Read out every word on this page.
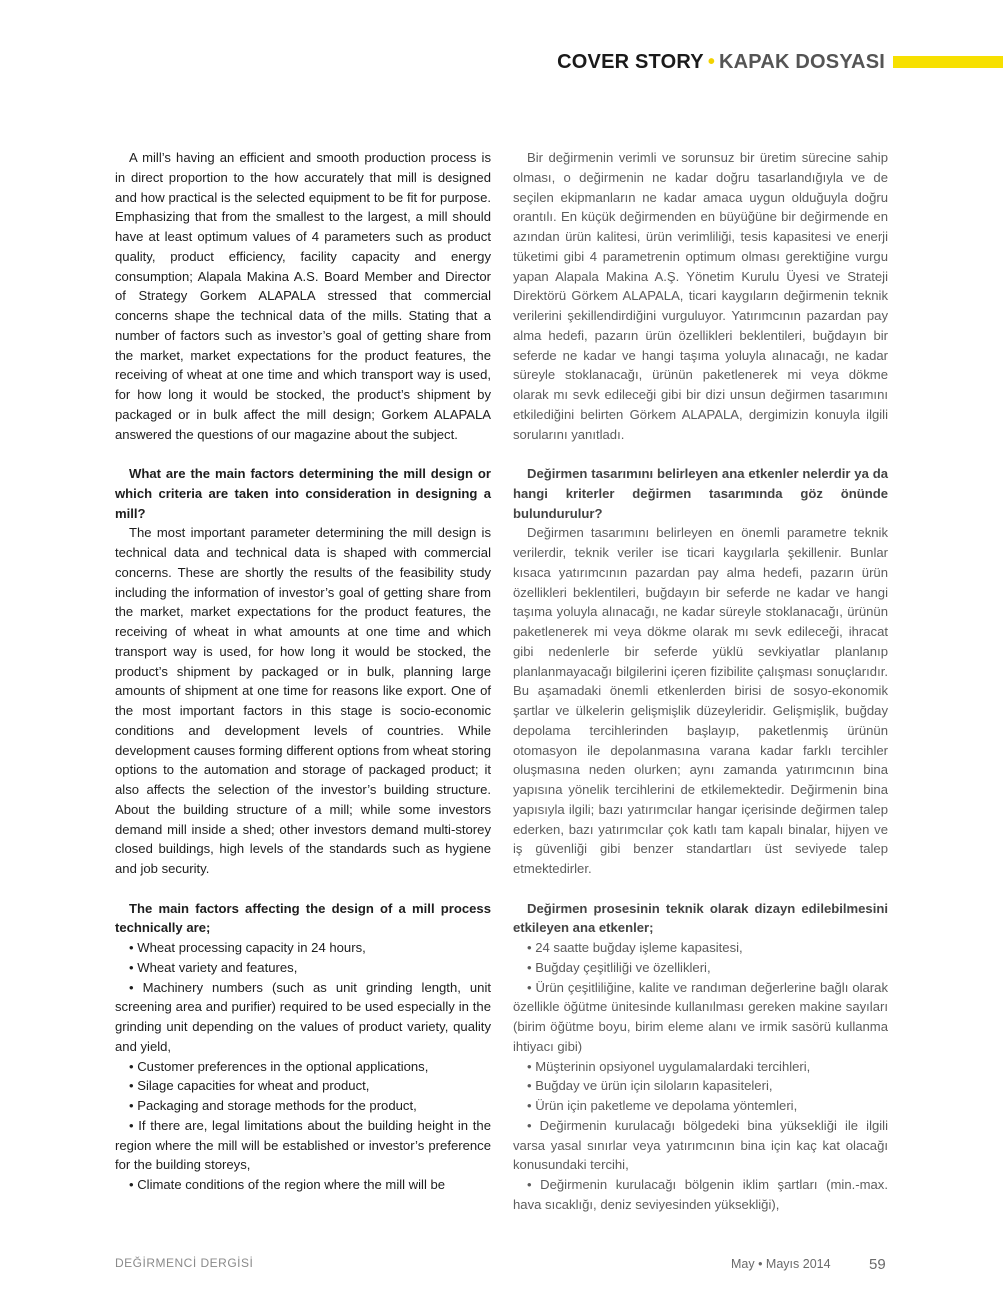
COVER STORY • KAPAK DOSYASI

A mill’s having an efficient and smooth production process is in direct proportion to the how accurately that mill is designed and how practical is the selected equipment to be fit for purpose. Emphasizing that from the smallest to the largest, a mill should have at least optimum values of 4 parameters such as product quality, product efficiency, facility capacity and energy consumption; Alapala Makina A.S. Board Member and Director of Strategy Gorkem ALAPALA stressed that commercial concerns shape the technical data of the mills. Stating that a number of factors such as investor’s goal of getting share from the market, market expectations for the product features, the receiving of wheat at one time and which transport way is used, for how long it would be stocked, the product’s shipment by packaged or in bulk affect the mill design; Gorkem ALAPALA answered the questions of our magazine about the subject.

What are the main factors determining the mill design or which criteria are taken into consideration in designing a mill?

The most important parameter determining the mill design is technical data and technical data is shaped with commercial concerns. These are shortly the results of the feasibility study including the information of investor’s goal of getting share from the market, market expectations for the product features, the receiving of wheat in what amounts at one time and which transport way is used, for how long it would be stocked, the product’s shipment by packaged or in bulk, planning large amounts of shipment at one time for reasons like export. One of the most important factors in this stage is socio-economic conditions and development levels of countries. While development causes forming different options from wheat storing options to the automation and storage of packaged product; it also affects the selection of the investor’s building structure. About the building structure of a mill; while some investors demand mill inside a shed; other investors demand multi-storey closed buildings, high levels of the standards such as hygiene and job security.

The main factors affecting the design of a mill process technically are;

• Wheat processing capacity in 24 hours,

• Wheat variety and features,

• Machinery numbers (such as unit grinding length, unit screening area and purifier) required to be used especially in the grinding unit depending on the values of product variety, quality and yield,

• Customer preferences in the optional applications,

• Silage capacities for wheat and product,

• Packaging and storage methods for the product,

• If there are, legal limitations about the building height in the region where the mill will be established or investor’s preference for the building storeys,

• Climate conditions of the region where the mill will be

Bir değirmenin verimli ve sorunsuz bir üretim sürecine sahip olması, o değirmenin ne kadar doğru tasarlandığıyla ve de seçilen ekipmanların ne kadar amaca uygun olduğuyla doğru orantılı. En küçük değirmenden en büyüğüne bir değirmende en azından ürün kalitesi, ürün verimliliği, tesis kapasitesi ve enerji tüketimi gibi 4 parametrenin optimum olması gerektiğine vurgu yapan Alapala Makina A.Ş. Yönetim Kurulu Üyesi ve Strateji Direktörü Görkem ALAPALA, ticari kaygıların değirmenin teknik verilerini şekillendirdiğini vurguluyor. Yatırımcının pazardan pay alma hedefi, pazarın ürün özellikleri beklentileri, buğdayın bir seferde ne kadar ve hangi taşıma yoluyla alınacağı, ne kadar süreyle stoklanacağı, ürünün paketlenerek mi veya dökme olarak mı sevk edileceği gibi bir dizi unsun değirmen tasarımını etkilediğini belirten Görkem ALAPALA, dergimizin konuyla ilgili sorularını yanıtladı.

Değirmen tasarımını belirleyen ana etkenler nelerdir ya da hangi kriterler değirmen tasarımında göz önünde bulundurulur?

Değirmen tasarımını belirleyen en önemli parametre teknik verilerdir, teknik veriler ise ticari kaygılarla şekillenir. Bunlar kısaca yatırımcının pazardan pay alma hedefi, pazarın ürün özellikleri beklentileri, buğdayın bir seferde ne kadar ve hangi taşıma yoluyla alınacağı, ne kadar süreyle stoklanacağı, ürünün paketlenerek mi veya dökme olarak mı sevk edileceği, ihracat gibi nedenlerle bir seferde yüklü sevkiyatlar planlanıp planlanmayacağı bilgilerini içeren fizibilite çalışması sonuçlarıdır. Bu aşamadaki önemli etkenlerden birisi de sosyo-ekonomik şartlar ve ülkelerin gelişmişlik düzeyleridir. Gelişmişlik, buğday depolama tercihlerinden başlayıp, paketlenmiş ürünün otomasyon ile depolanmasına varana kadar farklı tercihler oluşmasına neden olurken; aynı zamanda yatırımcının bina yapısına yönelik tercihlerini de etkilemektedir. Değirmenin bina yapısıyla ilgili; bazı yatırımcılar hangar içerisinde değirmen talep ederken, bazı yatırımcılar çok katlı tam kapalı binalar, hijyen ve iş güvenliği gibi benzer standartları üst seviyede talep etmektedirler.

Değirmen prosesinin teknik olarak dizayn edilebilmesini etkileyen ana etkenler;

• 24 saatte buğday işleme kapasitesi,

• Buğday çeşitliliği ve özellikleri,

• Ürün çeşitliliğine, kalite ve randıman değerlerine bağlı olarak özellikle öğütme ünitesinde kullanılması gereken makine sayıları (birim öğütme boyu, birim eleme alanı ve irmik sasörü kullanma ihtiyacı gibi)

• Müşterinin opsiyonel uygulamalardaki tercihleri,

• Buğday ve ürün için siloların kapasiteleri,

• Ürün için paketleme ve depolama yöntemleri,

• Değirmenin kurulacağı bölgedeki bina yüksekliği ile ilgili varsa yasal sınırlar veya yatırımcının bina için kaç kat olacağı konusundaki tercihi,

• Değirmenin kurulacağı bölgenin iklim şartları (min.-max. hava sıcaklığı, deniz seviyesinden yüksekliği),

DEĞİRMENCİ DERGİSİ	May • Mayıs 2014	59
